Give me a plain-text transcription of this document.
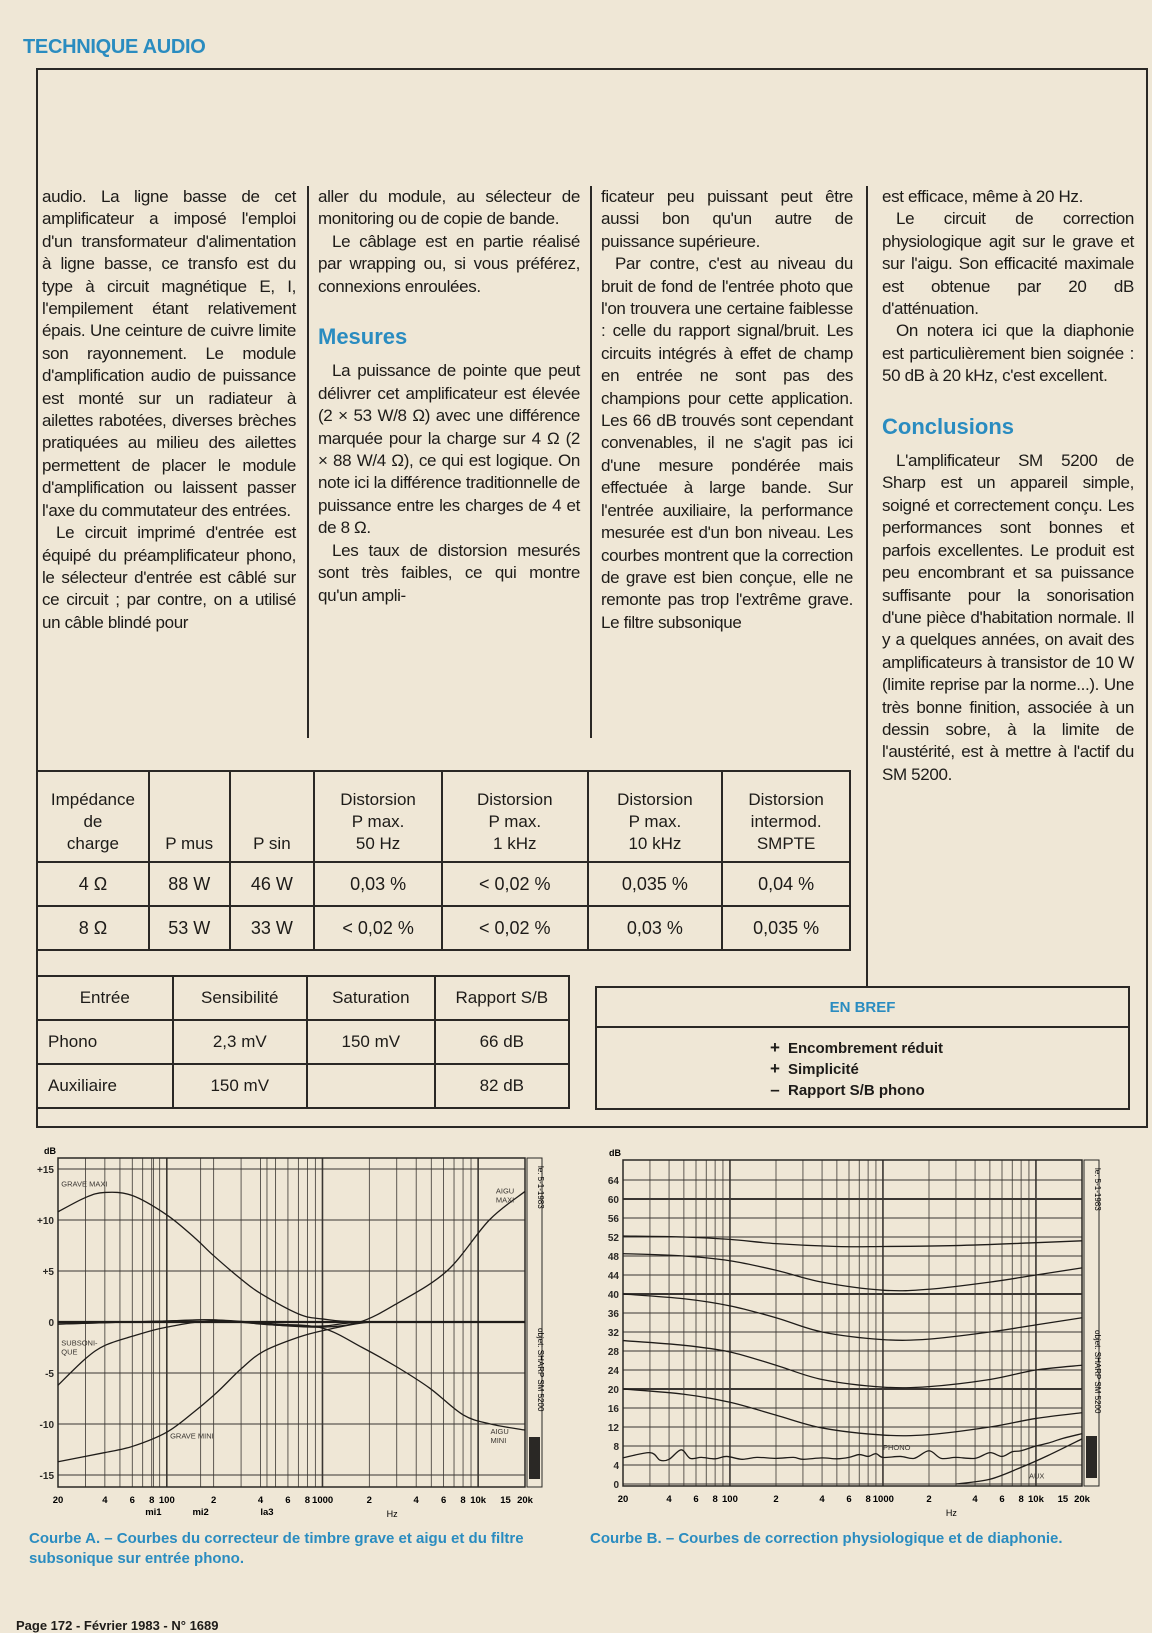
TECHNIQUE AUDIO

audio. La ligne basse de cet amplificateur a imposé l'emploi d'un transformateur d'alimentation à ligne basse, ce transfo est du type à circuit magnétique E, I, l'empilement étant relativement épais. Une ceinture de cuivre limite son rayonnement. Le module d'amplification audio de puissance est monté sur un radiateur à ailettes rabotées, diverses brèches pratiquées au milieu des ailettes permettent de placer le module d'amplification ou laissent passer l'axe du commutateur des entrées.

Le circuit imprimé d'entrée est équipé du préamplificateur phono, le sélecteur d'entrée est câblé sur ce circuit ; par contre, on a utilisé un câble blindé pour

aller du module, au sélecteur de monitoring ou de copie de bande.

Le câblage est en partie réalisé par wrapping ou, si vous préférez, connexions enroulées.

Mesures

La puissance de pointe que peut délivrer cet amplificateur est élevée (2 × 53 W/8 Ω) avec une différence marquée pour la charge sur 4 Ω (2 × 88 W/4 Ω), ce qui est logique. On note ici la différence traditionnelle de puissance entre les charges de 4 et de 8 Ω.

Les taux de distorsion mesurés sont très faibles, ce qui montre qu'un ampli-

ficateur peu puissant peut être aussi bon qu'un autre de puissance supérieure.

Par contre, c'est au niveau du bruit de fond de l'entrée photo que l'on trouvera une certaine faiblesse : celle du rapport signal/bruit. Les circuits intégrés à effet de champ en entrée ne sont pas des champions pour cette application. Les 66 dB trouvés sont cependant convenables, il ne s'agit pas ici d'une mesure pondérée mais effectuée à large bande. Sur l'entrée auxiliaire, la performance mesurée est d'un bon niveau. Les courbes montrent que la correction de grave est bien conçue, elle ne remonte pas trop l'extrême grave. Le filtre subsonique

est efficace, même à 20 Hz.

Le circuit de correction physiologique agit sur le grave et sur l'aigu. Son efficacité maximale est obtenue par 20 dB d'atténuation.

On notera ici que la diaphonie est particulièrement bien soignée : 50 dB à 20 kHz, c'est excellent.

Conclusions

L'amplificateur SM 5200 de Sharp est un appareil simple, soigné et correctement conçu. Les performances sont bonnes et parfois excellentes. Le produit est peu encombrant et sa puissance suffisante pour la sonorisation d'une pièce d'habitation normale. Il y a quelques années, on avait des amplificateurs à transistor de 10 W (limite reprise par la norme...). Une très bonne finition, associée à un dessin sobre, à la limite de l'austérité, est à mettre à l'actif du SM 5200.

Impédance
de
charge	P mus	P sin	Distorsion
P max.
50 Hz	Distorsion
P max.
1 kHz	Distorsion
P max.
10 kHz	Distorsion
intermod.
SMPTE
4 Ω	88 W	46 W	0,03 %	< 0,02 %	0,035 %	0,04 %
8 Ω	53 W	33 W	< 0,02 %	< 0,02 %	0,03 %	0,035 %
Entrée	Sensibilité	Saturation	Rapport S/B
Phono	2,3 mV	150 mV	66 dB
Auxiliaire	150 mV		82 dB
EN BREF
+ Encombrement réduit
+ Simplicité
– Rapport S/B phono
+15
+10
+5
0
-5
-10
-15
dB
20	4 6 8
mi1
100
mi2
2	4
la3
6 8 1000	2	4 6 8 10k 15 20k
Hz
le: 5-1-1983
objet: SHARP SM 5200
GRAVE MAXI
GRAVE MINI
AIGU
MAXI
AIGU
MINI
SUBSONI-
QUE
64
60
56
52
48
44
40
36
32
28
24
20
16
12
8
4
0
dB
20	4 6 8 100	2	4 6 8 1000	2	4 6 8 10k 15 20k
Hz
le: 5-1-1983
objet: SHARP SM 5200
PHONO
AUX
Courbe A. – Courbes du correcteur de timbre grave et aigu et du filtre subsonique sur entrée phono.
Courbe B. – Courbes de correction physiologique et de diaphonie.
Page 172 - Février 1983 - N° 1689
